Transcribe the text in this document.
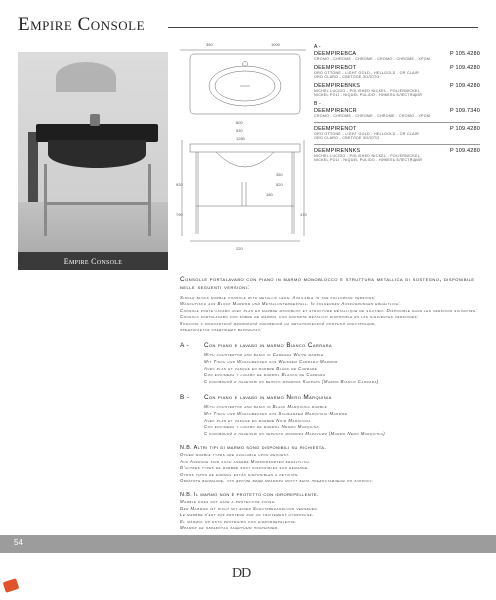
Empire Console
Empire Console
350	1000
800
530
1280
350
520
180
920
790	470
220
A -
DEEMPIREBCA	P 105.4280
CROMO - CHROME - CHROME - CROMO - CHROME - XPOM
DEEMPIREBOT	P 109.4280
ORO OTTONE - LIGHT GOLD - HELLGOLD - OR CLAIR
ORO CLARO - СВЕТЛОЕ ЗОЛОТО
DEEMPIREBNKS	P 109.4280
NICHEL LUCIDO - POLISHED NICKEL - POLIERNICKEL
NICKEL POLI - NIQUEL PULIDO - НИКЕЛЬ БЛЕСТЯЩИЙ
B -
DEEMPIRENCR	P 109.7340
CROMO - CHROME - CHROME - CHROME - CROMO - XPOM
DEEMPIRENOT	P 109.4280
ORO OTTONE - LIGHT GOLD - HELLGOLD - OR CLAIR
ORO CLARO - СВЕТЛОЕ ЗОЛОТО
DEEMPIRENNKS	P 109.4280
NICHEL LUCIDO - POLISHED NICKEL - POLIERNICKEL
NICKEL POLI - NIQUEL PULIDO - НИКЕЛЬ БЛЕСТЯЩИЙ
Consolle portalavabo con piano in marmo monoblocco e struttura metallica di sostegno, disponibile nelle seguenti versioni:
Single block marble console with metallic legs. Available in the following versions:
Waschtisch aus Block Marmor und Metalluntergestell. In folgenden Ausführungen erhältlich:
Console porte-lavabo avec plan en marbre monobloc et structure métallique de soutien. Disponible dans les versions suivantes:
Consola portalavabo con sobre de mármol con soporte metálico disponible en las siguientes versiones:
Консоль с монолитной мраморной раковиной на металлической опорной конструкции,
предлагается следующих вариантах:
A -	Con piano e lavabo in marmo Bianco Carrara
With countertop and basin in Carrara White marble
Mit Tisch und Waschbecken aus Weissem Carrara-Marmor
Avec plan et vasque en marbre Blanc de Carrare
Con encimera y lavabo de mármol Blanco de Carrara
С раковиной и панелью из белого мрамора Каррара (Marmo Bianco Carrara)
B -	Con piano e lavabo in marmo Nero Marquinia
With countertop and basin in Black Marquinia marble
Mit Tisch und Waschbecken aus Schwarzem Marquinia-Marmor
Avec plan et vasque en marbre Noir Marquinia
Con encimera y lavabo de mármol Negro Marquina
С раковиной и панелью из черного мрамора Маркуния (Marmo Nero Marquinia)
N.B. Altri tipi di marmo sono disponibili su richiesta.
Other marble types are available upon request.
Auf Anfrage sind auch andere Marmorsorten erhältlich.
D'autres types de marbre sont disponibles sur demande.
Otros tipos de mármol están disponibles a petición.
Обратите внимание, что другие виды мрамора могут быть предоставлены по запросу.
N.B. Il marmo non è protetto con idrorepellente.
Marble does not have a protective finish.
Der Marmor ist nicht mit einer Schutzbehandlung versehen.
Le marbre n'est pas protégé par un traitement hydrofuge.
El mármol no está protegido con hidrorrepelente.
Мрамор не обработан защитным покрытием.
54
DD
